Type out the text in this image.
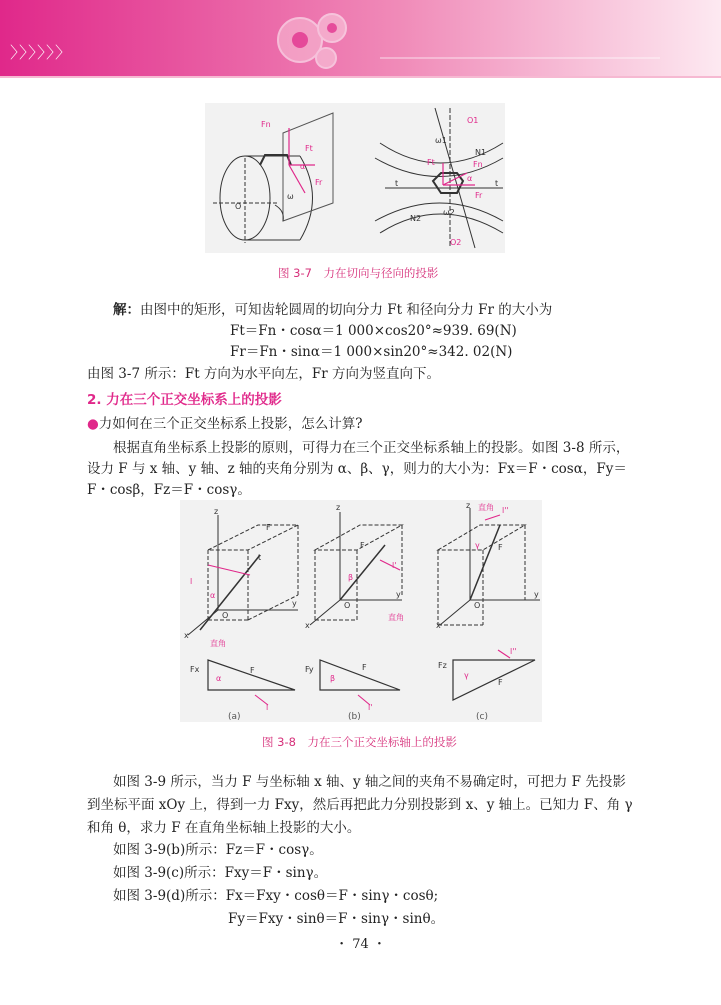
〉〉〉〉〉〉
Fn
Ft
Fr
α
O1
O2
Ft	Fn
Fr
α
ω
O
t	t
N1
N2
ω1
ω2
图 3-7　力在切向与径向的投影
解：由图中的矩形，可知齿轮圆周的切向分力 Ft 和径向分力 Fr 的大小为
Ft＝Fn・cosα＝1 000×cos20°≈939. 69(N)
Fr＝Fn・sinα＝1 000×sin20°≈342. 02(N)
由图 3-7 所示：Ft 方向为水平向左，Fr 方向为竖直向下。
2. 力在三个正交坐标系上的投影
●力如何在三个正交坐标系上投影，怎么计算?
根据直角坐标系上投影的原则，可得力在三个正交坐标系轴上的投影。如图 3-8 所示，
设力 F 与 x 轴、y 轴、z 轴的夹角分别为 α、β、γ，则力的大小为：Fx＝F・cosα，Fy＝
F・cosβ，Fz＝F・cosγ。
z
y
x
O
t
F
z
y
x
O
F
z
y
x
O
F
F	F
F
Fx	Fy	Fz
l
α
直角
l'
β
直角
l''
γ
直角
α
l
β
l'
γ
l''
(a)	(b)	(c)
图 3-8　力在三个正交坐标轴上的投影
如图 3-9 所示，当力 F 与坐标轴 x 轴、y 轴之间的夹角不易确定时，可把力 F 先投影
到坐标平面 xOy 上，得到一力 Fxy，然后再把此力分别投影到 x、y 轴上。已知力 F、角 γ
和角 θ，求力 F 在直角坐标轴上投影的大小。
如图 3-9(b)所示：Fz＝F・cosγ。
如图 3-9(c)所示：Fxy＝F・sinγ。
如图 3-9(d)所示：Fx＝Fxy・cosθ＝F・sinγ・cosθ;
Fy＝Fxy・sinθ＝F・sinγ・sinθ。
・ 74 ・
